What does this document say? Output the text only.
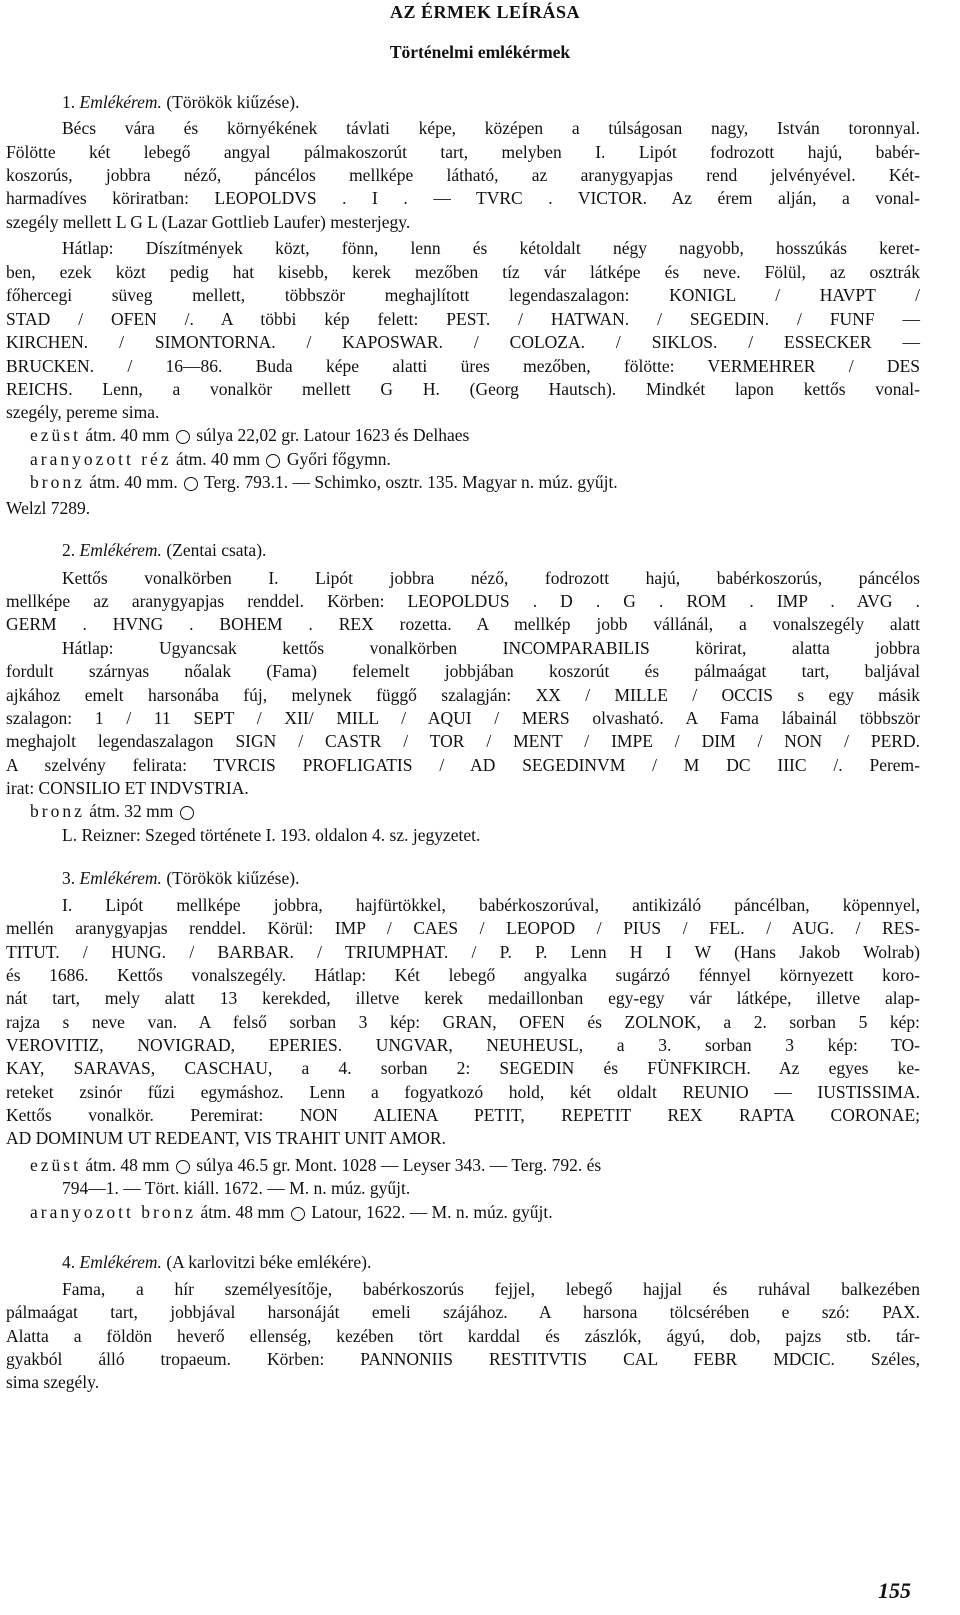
AZ ÉRMEK LEÍRÁSA
Történelmi emlékérmek
1. Emlékérem. (Törökök kiűzése).
Bécs vára és környékének távlati képe, középen a túlságosan nagy, István toronnyal.
Fölötte két lebegő angyal pálmakoszorút tart, melyben I. Lipót fodrozott hajú, babér-
koszorús, jobbra néző, páncélos mellképe látható, az aranygyapjas rend jelvényével. Két-
harmadíves köriratban: LEOPOLDVS . I . — TVRC . VICTOR. Az érem alján, a vonal-
szegély mellett L G L (Lazar Gottlieb Laufer) mesterjegy.
Hátlap: Díszítmények közt, fönn, lenn és kétoldalt négy nagyobb, hosszúkás keret-
ben, ezek közt pedig hat kisebb, kerek mezőben tíz vár látképe és neve. Fölül, az osztrák
főhercegi süveg mellett, többször meghajlított legendaszalagon: KONIGL / HAVPT /
STAD / OFEN /. A többi kép felett: PEST. / HATWAN. / SEGEDIN. / FUNF —
KIRCHEN. / SIMONTORNA. / KAPOSWAR. / COLOZA. / SIKLOS. / ESSECKER —
BRUCKEN. / 16—86. Buda képe alatti üres mezőben, fölötte: VERMEHRER / DES
REICHS. Lenn, a vonalkör mellett G H. (Georg Hautsch). Mindkét lapon kettős vonal-
szegély, pereme sima.
Welzl 7289.
2. Emlékérem. (Zentai csata).
Kettős vonalkörben I. Lipót jobbra néző, fodrozott hajú, babérkoszorús, páncélos
mellképe az aranygyapjas renddel. Körben: LEOPOLDUS . D . G . ROM . IMP . AVG .
GERM . HVNG . BOHEM . REX rozetta. A mellkép jobb vállánál, a vonalszegély alatt
Hátlap: Ugyancsak kettős vonalkörben INCOMPARABILIS körirat, alatta jobbra
fordult szárnyas nőalak (Fama) felemelt jobbjában koszorút és pálmaágat tart, baljával
ajkához emelt harsonába fúj, melynek függő szalagján: XX / MILLE / OCCIS s egy másik
szalagon: 1 / 11 SEPT / XII/ MILL / AQUI / MERS olvasható. A Fama lábainál többször
meghajolt legendaszalagon SIGN / CASTR / TOR / MENT / IMPE / DIM / NON / PERD.
A szelvény felirata: TVRCIS PROFLIGATIS / AD SEGEDINVM / M DC IIIC /. Perem-
irat: CONSILIO ET INDVSTRIA.
L. Reizner: Szeged története I. 193. oldalon 4. sz. jegyzetet.
3. Emlékérem. (Törökök kiűzése).
I. Lipót mellképe jobbra, hajfürtökkel, babérkoszorúval, antikizáló páncélban, köpennyel,
mellén aranygyapjas renddel. Körül: IMP / CAES / LEOPOD / PIUS / FEL. / AUG. / RES-
TITUT. / HUNG. / BARBAR. / TRIUMPHAT. / P. P. Lenn H I W (Hans Jakob Wolrab)
és 1686. Kettős vonalszegély. Hátlap: Két lebegő angyalka sugárzó fénnyel környezett koro-
nát tart, mely alatt 13 kerekded, illetve kerek medaillonban egy-egy vár látképe, illetve alap-
rajza s neve van. A felső sorban 3 kép: GRAN, OFEN és ZOLNOK, a 2. sorban 5 kép:
VEROVITIZ, NOVIGRAD, EPERIES. UNGVAR, NEUHEUSL, a 3. sorban 3 kép: TO-
KAY, SARAVAS, CASCHAU, a 4. sorban 2: SEGEDIN és FÜNFKIRCH. Az egyes ke-
reteket zsinór fűzi egymáshoz. Lenn a fogyatkozó hold, két oldalt REUNIO — IUSTISSIMA.
Kettős vonalkör. Peremirat: NON ALIENA PETIT, REPETIT REX RAPTA CORONAE;
AD DOMINUM UT REDEANT, VIS TRAHIT UNIT AMOR.
794—1. — Tört. kiáll. 1672. — M. n. múz. gyűjt.
4. Emlékérem. (A karlovitzi béke emlékére).
Fama, a hír személyesítője, babérkoszorús fejjel, lebegő hajjal és ruhával balkezében
pálmaágat tart, jobbjával harsonáját emeli szájához. A harsona tölcsérében e szó: PAX.
Alatta a földön heverő ellenség, kezében tört karddal és zászlók, ágyú, dob, pajzs stb. tár-
gyakból álló tropaeum. Körben: PANNONIIS RESTITVTIS CAL FEBR MDCIC. Széles,
sima szegély.
ezüst átm. 40 mm  súlya 22,02 gr. Latour 1623 és Delhaes
aranyozott réz átm. 40 mm  Győri főgymn.
bronz átm. 40 mm.  Terg. 793.1. — Schimko, osztr. 135. Magyar n. múz. gyűjt.
bronz átm. 32 mm
ezüst átm. 48 mm  súlya 46.5 gr. Mont. 1028 — Leyser 343. — Terg. 792. és
aranyozott bronz átm. 48 mm  Latour, 1622. — M. n. múz. gyűjt.
155
